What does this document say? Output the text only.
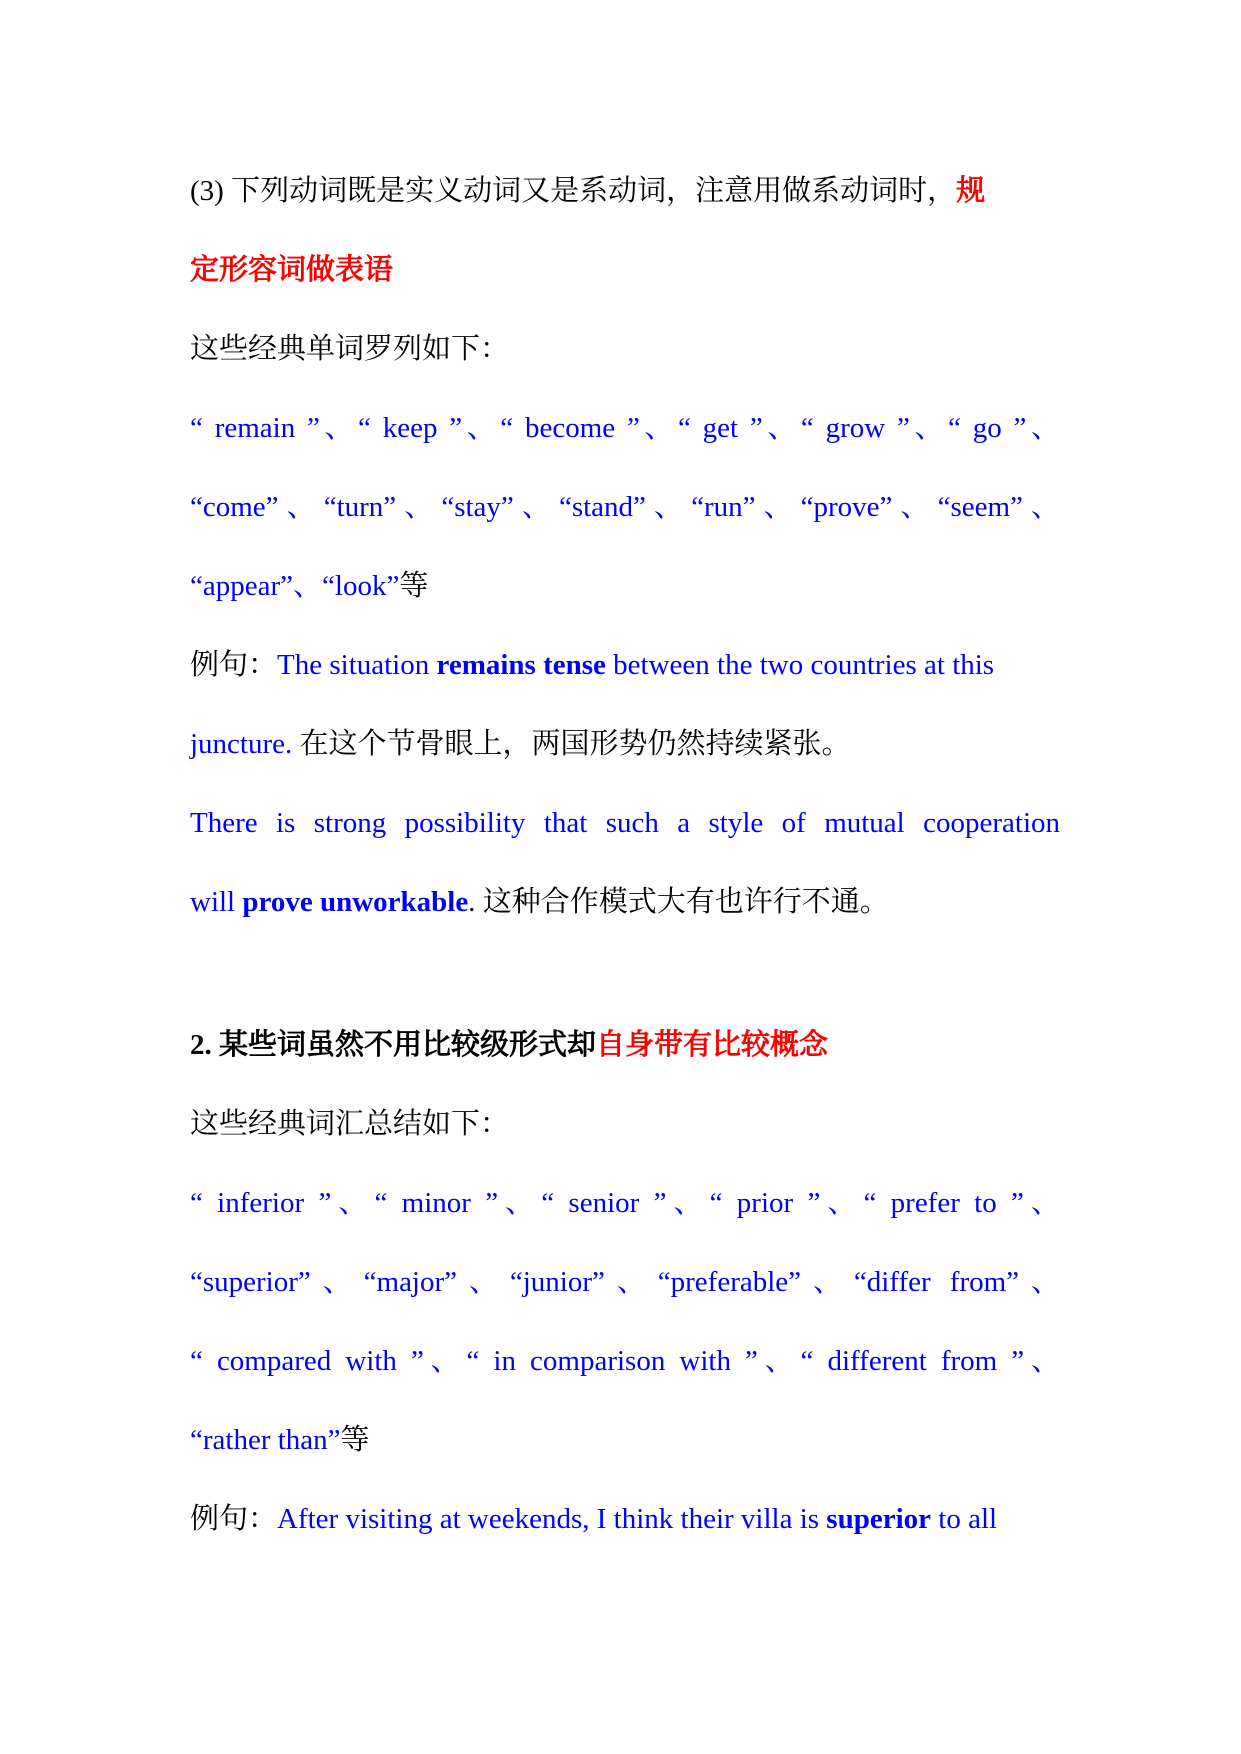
(3) 下列动词既是实义动词又是系动词，注意用做系动词时，规
定形容词做表语
这些经典单词罗列如下：
“ remain ”、“ keep ”、“ become ”、“ get ”、“ grow ”、“ go ”、
“come”、“turn”、“stay”、“stand”、“run”、“prove”、“seem”、
“appear”、“look”等
例句：The situation remains tense between the two countries at this
juncture. 在这个节骨眼上，两国形势仍然持续紧张。
There is strong possibility that such a style of mutual cooperation
will prove unworkable. 这种合作模式大有也许行不通。
2. 某些词虽然不用比较级形式却自身带有比较概念
这些经典词汇总结如下：
“ inferior ”、“ minor ”、“ senior ”、“ prior ”、“ prefer to ”、
“superior”、“major”、“junior”、“preferable”、“differ from”、
“ compared with ”、“ in comparison with ”、“ different from ”、
“rather than”等
例句：After visiting at weekends, I think their villa is superior to all
